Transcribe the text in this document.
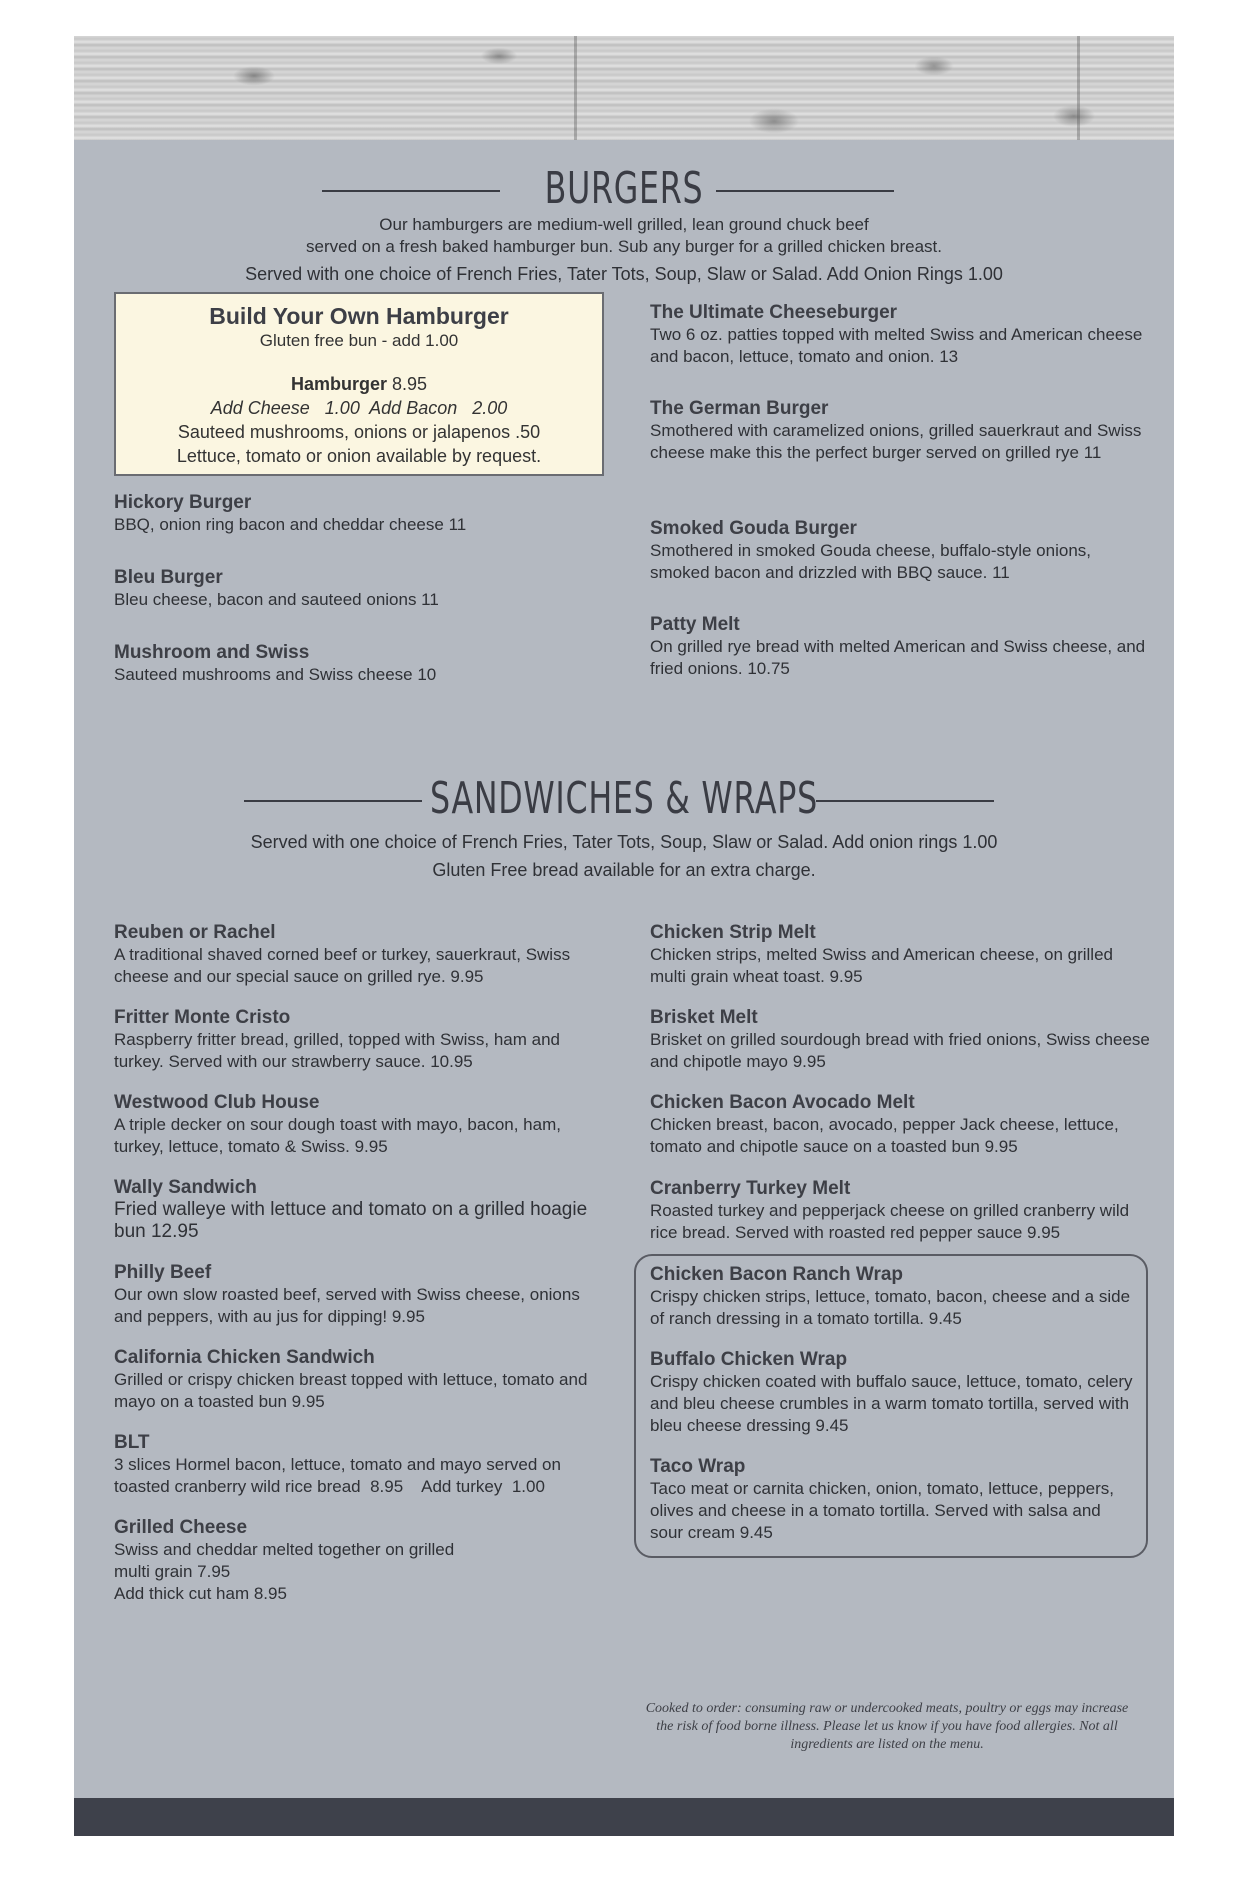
BURGERS
Our hamburgers are medium-well grilled, lean ground chuck beef
served on a fresh baked hamburger bun. Sub any burger for a grilled chicken breast.
Served with one choice of French Fries, Tater Tots, Soup, Slaw or Salad. Add Onion Rings 1.00
Build Your Own Hamburger
Gluten free bun - add 1.00
Hamburger 8.95
Add Cheese   1.00  Add Bacon   2.00
Sauteed mushrooms, onions or jalapenos .50
Lettuce, tomato or onion available by request.
Hickory Burger
BBQ, onion ring bacon and cheddar cheese 11
Bleu Burger
Bleu cheese, bacon and sauteed onions 11
Mushroom and Swiss
Sauteed mushrooms and Swiss cheese 10
The Ultimate Cheeseburger
Two 6 oz. patties topped with melted Swiss and American cheese and bacon, lettuce, tomato and onion. 13
The German Burger
Smothered with caramelized onions, grilled sauerkraut and Swiss cheese make this the perfect burger served on grilled rye 11
Smoked Gouda Burger
Smothered in smoked Gouda cheese, buffalo-style onions, smoked bacon and drizzled with BBQ sauce. 11
Patty Melt
On grilled rye bread with melted American and Swiss cheese, and fried onions. 10.75
SANDWICHES & WRAPS
Served with one choice of French Fries, Tater Tots, Soup, Slaw or Salad. Add onion rings 1.00
Gluten Free bread available for an extra charge.
Reuben or Rachel
A traditional shaved corned beef or turkey, sauerkraut, Swiss cheese and our special sauce on grilled rye. 9.95
Fritter Monte Cristo
Raspberry fritter bread, grilled, topped with Swiss, ham and turkey. Served with our strawberry sauce. 10.95
Westwood Club House
A triple decker on sour dough toast with mayo, bacon, ham, turkey, lettuce, tomato & Swiss. 9.95
Wally Sandwich
Fried walleye with lettuce and tomato on a grilled hoagie bun 12.95
Philly Beef
Our own slow roasted beef, served with Swiss cheese, onions and peppers, with au jus for dipping! 9.95
California Chicken Sandwich
Grilled or crispy chicken breast topped with lettuce, tomato and mayo on a toasted bun 9.95
BLT
3 slices Hormel bacon, lettuce, tomato and mayo served on toasted cranberry wild rice bread  8.95    Add turkey  1.00
Grilled Cheese
Swiss and cheddar melted together on grilled multi grain 7.95
Add thick cut ham 8.95
Chicken Strip Melt
Chicken strips, melted Swiss and American cheese, on grilled multi grain wheat toast. 9.95
Brisket Melt
Brisket on grilled sourdough bread with fried onions, Swiss cheese and chipotle mayo 9.95
Chicken Bacon Avocado Melt
Chicken breast, bacon, avocado, pepper Jack cheese, lettuce, tomato and chipotle sauce on a toasted bun 9.95
Cranberry Turkey Melt
Roasted turkey and pepperjack cheese on grilled cranberry wild rice bread. Served with roasted red pepper sauce 9.95
Chicken Bacon Ranch Wrap
Crispy chicken strips, lettuce, tomato, bacon, cheese and a side of ranch dressing in a tomato tortilla. 9.45
Buffalo Chicken Wrap
Crispy chicken coated with buffalo sauce, lettuce, tomato, celery and bleu cheese crumbles in a warm tomato tortilla, served with bleu cheese dressing 9.45
Taco Wrap
Taco meat or carnita chicken, onion, tomato, lettuce, peppers, olives and cheese in a tomato tortilla. Served with salsa and sour cream 9.45
Cooked to order: consuming raw or undercooked meats, poultry or eggs may increase the risk of food borne illness. Please let us know if you have food allergies. Not all ingredients are listed on the menu.
